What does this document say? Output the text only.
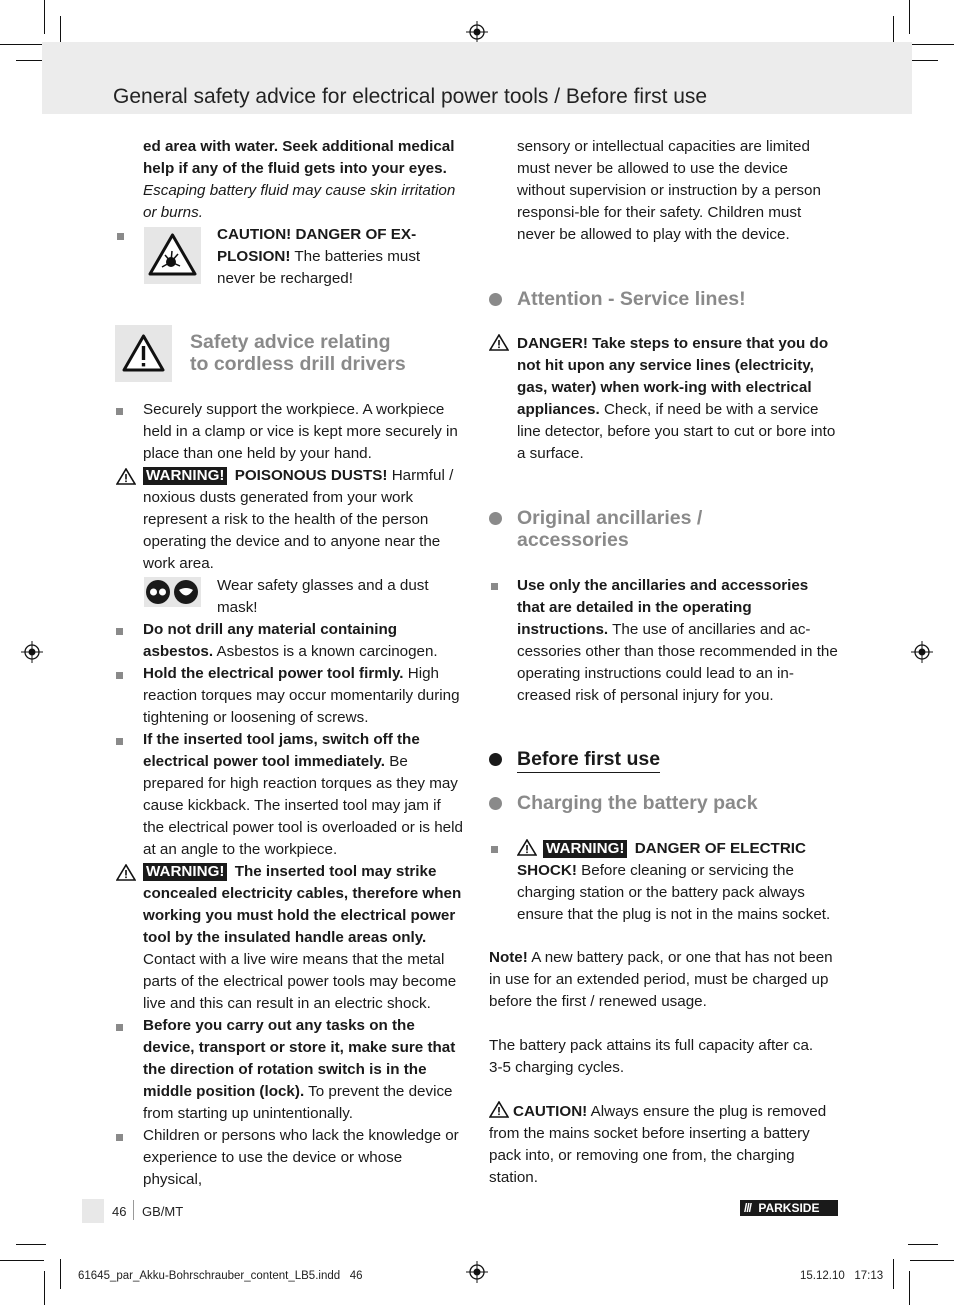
General safety advice for electrical power tools / Before first use
ed area with water. Seek additional medical help if any of the fluid gets into your eyes. Escaping battery fluid may cause skin irritation or burns.
CAUTION! DANGER OF EX-PLOSION! The batteries must never be recharged!
Safety advice relating
to cordless drill drivers
Securely support the workpiece. A workpiece held in a clamp or vice is kept more securely in place than one held by your hand.
WARNING! POISONOUS DUSTS! Harmful / noxious dusts generated from your work represent a risk to the health of the person operating the device and to anyone near the work area.
Wear safety glasses and a dust mask!
Do not drill any material containing asbestos. Asbestos is a known carcinogen.
Hold the electrical power tool firmly. High reaction torques may occur momentarily during tightening or loosening of screws.
If the inserted tool jams, switch off the electrical power tool immediately. Be prepared for high reaction torques as they may cause kickback. The inserted tool may jam if the electrical power tool is overloaded or is held at an angle to the workpiece.
WARNING! The inserted tool may strike concealed electricity cables, therefore when working you must hold the electrical power tool by the insulated handle areas only. Contact with a live wire means that the metal parts of the electrical power tools may become live and this can result in an electric shock.
Before you carry out any tasks on the device, transport or store it, make sure that the direction of rotation switch is in the middle position (lock). To prevent the device from starting up unintentionally.
Children or persons who lack the knowledge or experience to use the device or whose physical,
sensory or intellectual capacities are limited must never be allowed to use the device without supervision or instruction by a person responsi-ble for their safety. Children must never be allowed to play with the device.
Attention - Service lines!
DANGER! Take steps to ensure that you do not hit upon any service lines (electricity, gas, water) when work-ing with electrical appliances. Check, if need be with a service line detector, before you start to cut or bore into a surface.
Original ancillaries /
accessories
Use only the ancillaries and accessories that are detailed in the operating instructions. The use of ancillaries and ac-cessories other than those recommended in the operating instructions could lead to an in-creased risk of personal injury for you.
Before first use
Charging the battery pack
WARNING! DANGER OF ELECTRIC SHOCK! Before cleaning or servicing the charging station or the battery pack always ensure that the plug is not in the mains socket.
Note! A new battery pack, or one that has not been in use for an extended period, must be charged up before the first / renewed usage.
The battery pack attains its full capacity after ca. 3-5 charging cycles.
CAUTION! Always ensure the plug is removed from the mains socket before inserting a battery pack into, or removing one from, the charging station.
46 GB/MT	/// PARKSIDE
61645_par_Akku-Bohrschrauber_content_LB5.indd   46	15.12.10   17:13
